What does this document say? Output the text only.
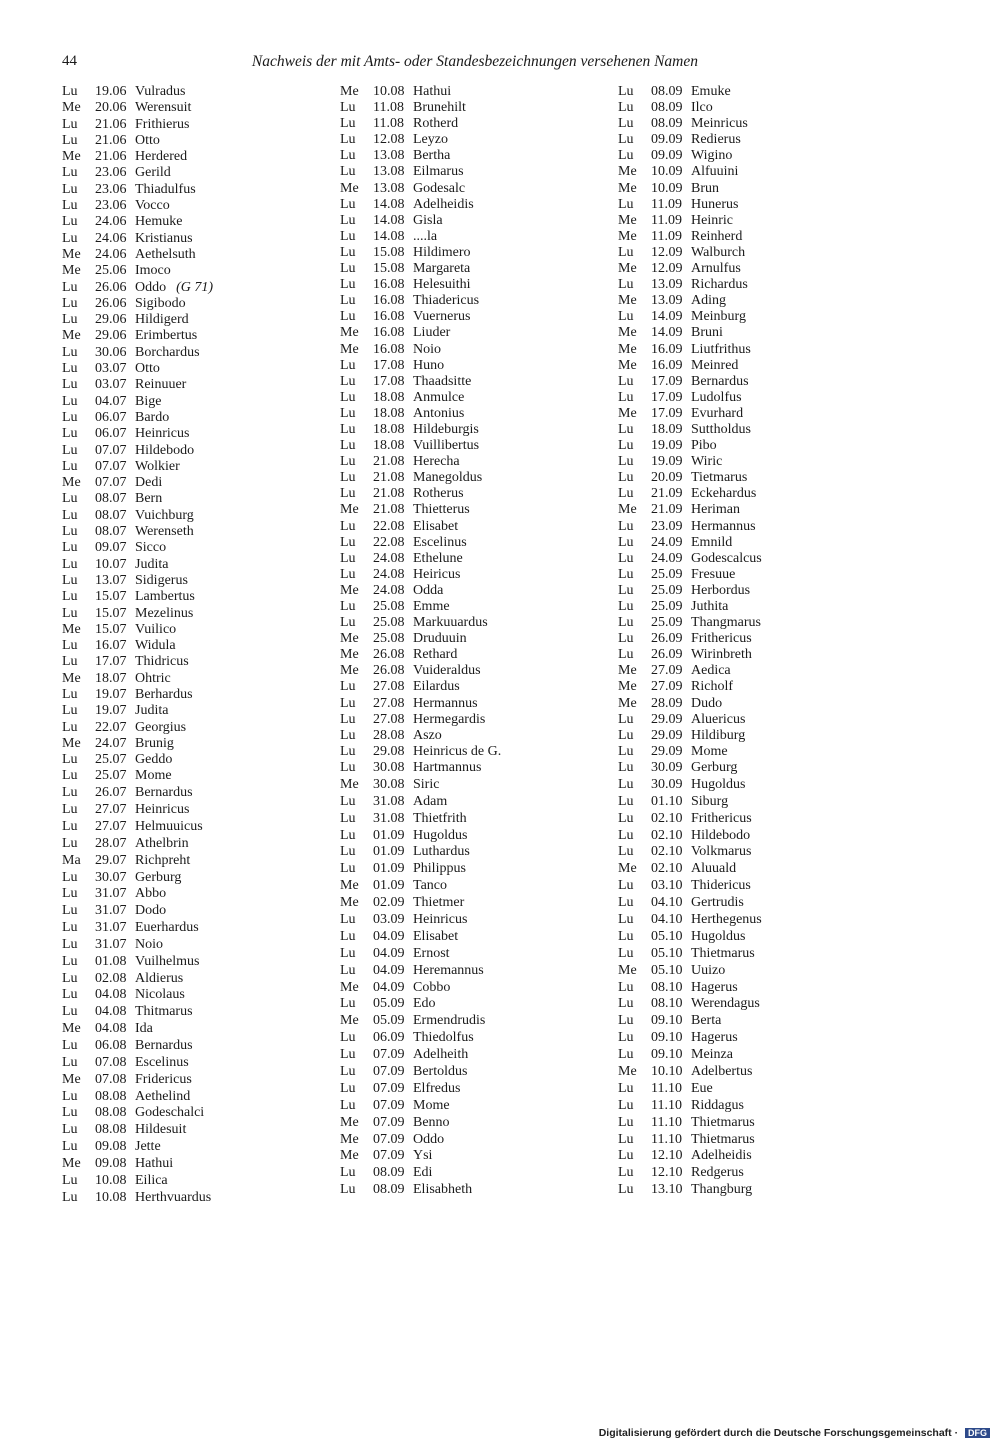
44	Nachweis der mit Amts- oder Standesbezeichnungen versehenen Namen
Lu 19.06 Vulradus
Me 20.06 Werensuit
Lu 21.06 Frithierus
Lu 21.06 Otto
Me 21.06 Herdered
Lu 23.06 Gerild
Lu 23.06 Thiadulfus
Lu 23.06 Vocco
Lu 24.06 Hemuke
Lu 24.06 Kristianus
Me 24.06 Aethelsuth
Me 25.06 Imoco
Lu 26.06 Oddo (G 71)
Lu 26.06 Sigibodo
Lu 29.06 Hildigerd
Me 29.06 Erimbertus
Lu 30.06 Borchardus
Lu 03.07 Otto
Lu 03.07 Reinuuer
Lu 04.07 Bige
Lu 06.07 Bardo
Lu 06.07 Heinricus
Lu 07.07 Hildebodo
Lu 07.07 Wolkier
Me 07.07 Dedi
Lu 08.07 Bern
Lu 08.07 Vuichburg
Lu 08.07 Werenseth
Lu 09.07 Sicco
Lu 10.07 Judita
Lu 13.07 Sidigerus
Lu 15.07 Lambertus
Lu 15.07 Mezelinus
Me 15.07 Vuilico
Lu 16.07 Widula
Lu 17.07 Thidricus
Me 18.07 Ohtric
Lu 19.07 Berhardus
Lu 19.07 Judita
Lu 22.07 Georgius
Me 24.07 Brunig
Lu 25.07 Geddo
Lu 25.07 Mome
Lu 26.07 Bernardus
Lu 27.07 Heinricus
Lu 27.07 Helmuuicus
Lu 28.07 Athelbrin
Ma 29.07 Richpreht
Lu 30.07 Gerburg
Lu 31.07 Abbo
Lu 31.07 Dodo
Lu 31.07 Euerhardus
Lu 31.07 Noio
Lu 01.08 Vuilhelmus
Lu 02.08 Aldierus
Lu 04.08 Nicolaus
Lu 04.08 Thitmarus
Me 04.08 Ida
Lu 06.08 Bernardus
Lu 07.08 Escelinus
Me 07.08 Fridericus
Lu 08.08 Aethelind
Lu 08.08 Godeschalci
Lu 08.08 Hildesuit
Lu 09.08 Jette
Me 09.08 Hathui
Lu 10.08 Eilica
Lu 10.08 Herthvuardus
Me 10.08 Hathui
Lu 11.08 Brunehilt
Lu 11.08 Rotherd
Lu 12.08 Leyzo
Lu 13.08 Bertha
Lu 13.08 Eilmarus
Me 13.08 Godesalc
Lu 14.08 Adelheidis
Lu 14.08 Gisla
Lu 14.08 ....la
Lu 15.08 Hildimero
Lu 15.08 Margareta
Lu 16.08 Helesuithi
Lu 16.08 Thiadericus
Lu 16.08 Vuernerus
Me 16.08 Liuder
Me 16.08 Noio
Lu 17.08 Huno
Lu 17.08 Thaadsitte
Lu 18.08 Anmulce
Lu 18.08 Antonius
Lu 18.08 Hildeburgis
Lu 18.08 Vuillibertus
Lu 21.08 Herecha
Lu 21.08 Manegoldus
Lu 21.08 Rotherus
Me 21.08 Thietterus
Lu 22.08 Elisabet
Lu 22.08 Escelinus
Lu 24.08 Ethelune
Lu 24.08 Heiricus
Me 24.08 Odda
Lu 25.08 Emme
Lu 25.08 Markuuardus
Me 25.08 Druduuin
Me 26.08 Rethard
Me 26.08 Vuideraldus
Lu 27.08 Eilardus
Lu 27.08 Hermannus
Lu 27.08 Hermegardis
Lu 28.08 Aszo
Lu 29.08 Heinricus de G.
Lu 30.08 Hartmannus
Me 30.08 Siric
Lu 31.08 Adam
Lu 31.08 Thietfrith
Lu 01.09 Hugoldus
Lu 01.09 Luthardus
Lu 01.09 Philippus
Me 01.09 Tanco
Me 02.09 Thietmer
Lu 03.09 Heinricus
Lu 04.09 Elisabet
Lu 04.09 Ernost
Lu 04.09 Heremannus
Me 04.09 Cobbo
Lu 05.09 Edo
Me 05.09 Ermendrudis
Lu 06.09 Thiedolfus
Lu 07.09 Adelheith
Lu 07.09 Bertoldus
Lu 07.09 Elfredus
Lu 07.09 Mome
Me 07.09 Benno
Me 07.09 Oddo
Me 07.09 Ysi
Lu 08.09 Edi
Lu 08.09 Elisabheth
Lu 08.09 Emuke
Lu 08.09 Ilco
Lu 08.09 Meinricus
Lu 09.09 Redierus
Lu 09.09 Wigino
Me 10.09 Alfuuini
Me 10.09 Brun
Lu 11.09 Hunerus
Me 11.09 Heinric
Me 11.09 Reinherd
Lu 12.09 Walburch
Me 12.09 Arnulfus
Lu 13.09 Richardus
Me 13.09 Ading
Lu 14.09 Meinburg
Me 14.09 Bruni
Me 16.09 Liutfrithus
Me 16.09 Meinred
Lu 17.09 Bernardus
Lu 17.09 Ludolfus
Me 17.09 Evurhard
Lu 18.09 Suttholdus
Lu 19.09 Pibo
Lu 19.09 Wiric
Lu 20.09 Tietmarus
Lu 21.09 Eckehardus
Me 21.09 Heriman
Lu 23.09 Hermannus
Lu 24.09 Emnild
Lu 24.09 Godescalcus
Lu 25.09 Fresuue
Lu 25.09 Herbordus
Lu 25.09 Juthita
Lu 25.09 Thangmarus
Lu 26.09 Frithericus
Lu 26.09 Wirinbreth
Me 27.09 Aedica
Me 27.09 Richolf
Me 28.09 Dudo
Lu 29.09 Aluericus
Lu 29.09 Hildiburg
Lu 29.09 Mome
Lu 30.09 Gerburg
Lu 30.09 Hugoldus
Lu 01.10 Siburg
Lu 02.10 Frithericus
Lu 02.10 Hildebodo
Lu 02.10 Volkmarus
Me 02.10 Aluuald
Lu 03.10 Thidericus
Lu 04.10 Gertrudis
Lu 04.10 Herthegenus
Lu 05.10 Hugoldus
Lu 05.10 Thietmarus
Me 05.10 Uuizo
Lu 08.10 Hagerus
Lu 08.10 Werendagus
Lu 09.10 Berta
Lu 09.10 Hagerus
Lu 09.10 Meinza
Me 10.10 Adelbertus
Lu 11.10 Eue
Lu 11.10 Riddagus
Lu 11.10 Thietmarus
Lu 11.10 Thietmarus
Lu 12.10 Adelheidis
Lu 12.10 Redgerus
Lu 13.10 Thangburg
Digitalisierung gefördert durch die Deutsche Forschungsgemeinschaft · DFG
